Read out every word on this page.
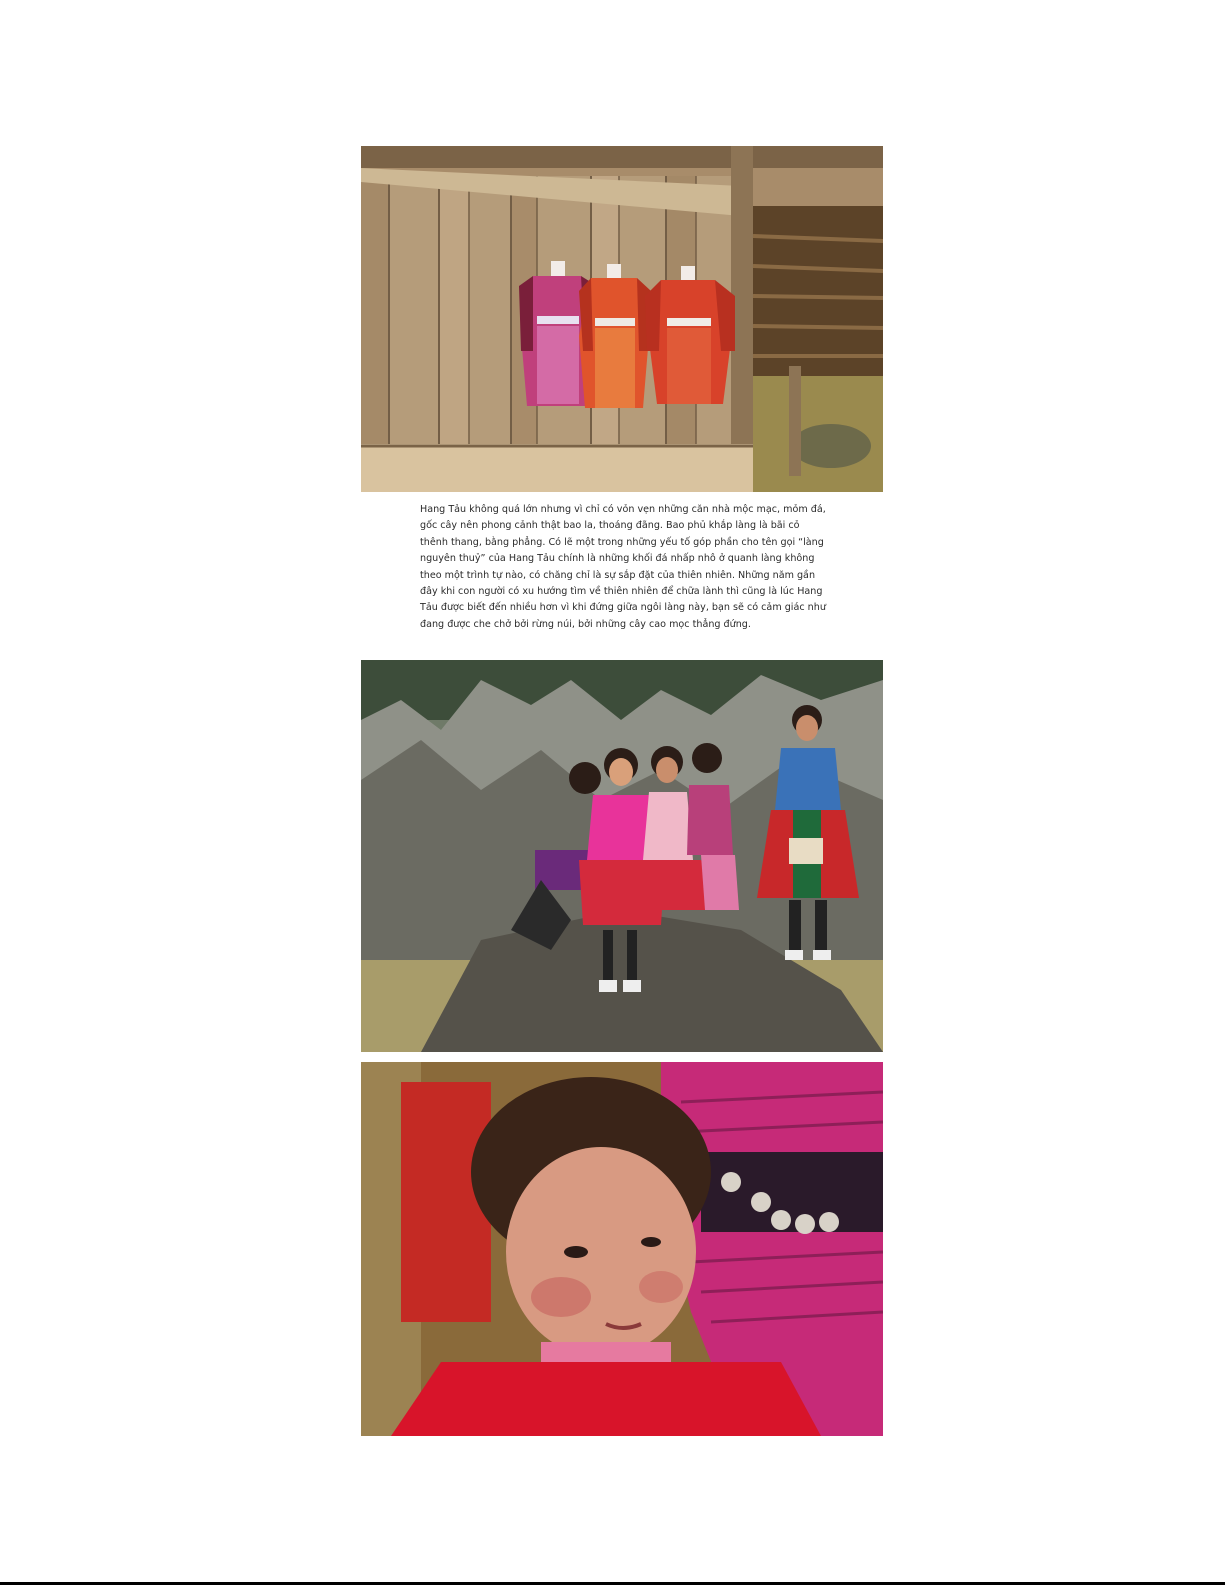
Hang Tảu không quá lớn nhưng vì chỉ có vỏn vẹn những căn nhà mộc mạc, mỏm đá, gốc cây nên phong cảnh thật bao la, thoáng đãng. Bao phủ khắp làng là bãi cỏ thênh thang, bằng phẳng. Có lẽ một trong những yếu tố góp phần cho tên gọi “làng nguyên thuỷ” của Hang Tảu chính là những khối đá nhấp nhô ở quanh làng không theo một trình tự nào, có chăng chỉ là sự sắp đặt của thiên nhiên. Những năm gần đây khi con người có xu hướng tìm về thiên nhiên để chữa lành thì cũng là lúc Hang Tảu được biết đến nhiều hơn vì khi đứng giữa ngôi làng này, bạn sẽ có cảm giác như đang được che chở bởi rừng núi, bởi những cây cao mọc thẳng đứng.
